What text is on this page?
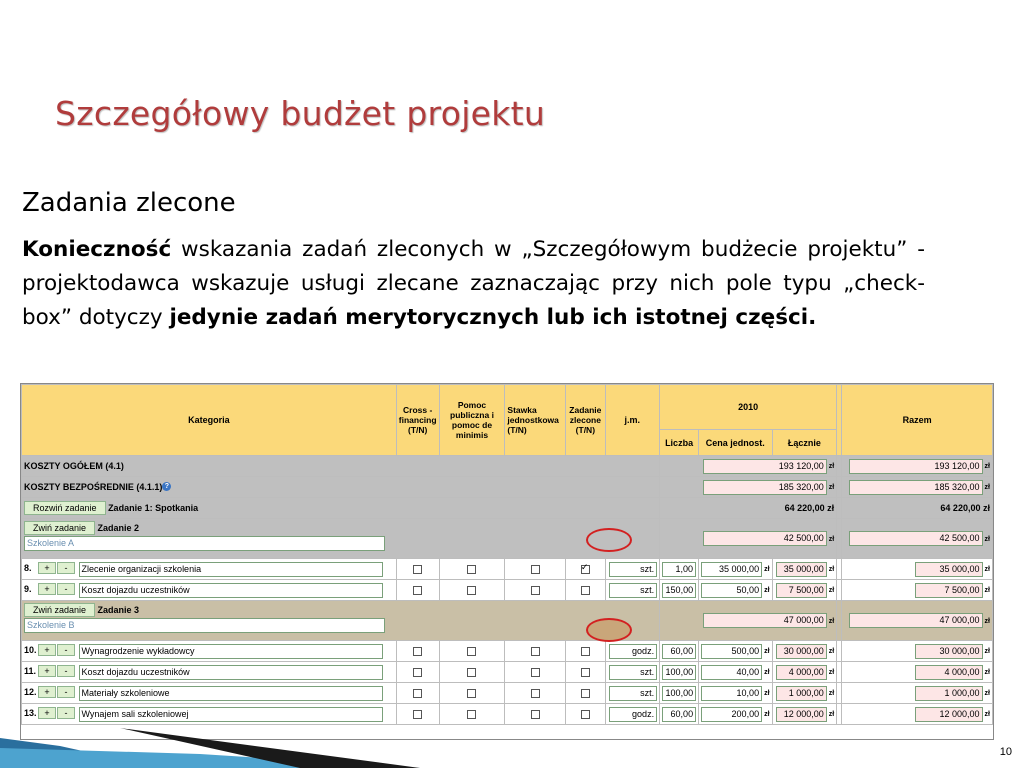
Szczegółowy budżet projektu
Zadania zlecone

Konieczność wskazania zadań zleconych w „Szczegółowym budżecie projektu” - projektodawca wskazuje usługi zlecane zaznaczając przy nich pole typu „check-box” dotyczy jedynie zadań merytorycznych lub ich istotnej części.

Kategoria	Cross - financing (T/N)	Pomoc publiczna i pomoc de minimis	Stawka jednostkowa (T/N)	Zadanie zlecone (T/N)	j.m.	2010				Razem
						Liczba	Cena jednost.	Łącznie		
KOSZTY OGÓŁEM (4.1)						193 120,00 zł				193 120,00 zł
KOSZTY BEZPOŚREDNIE (4.1.1) ?						185 320,00 zł				185 320,00 zł
Rozwiń zadanie Zadanie 1: Spotkania						64 220,00 zł				64 220,00 zł
Zwiń zadanie Zadanie 2
Szkolenie A						42 500,00 zł				42 500,00 zł
8. + - Zlecenie organizacji szkolenia				✓	szt.	1,00	35 000,00 zł	35 000,00 zł		35 000,00 zł
9. + - Koszt dojazdu uczestników					szt.	150,00	50,00 zł	7 500,00 zł		7 500,00 zł
Zwiń zadanie Zadanie 3
Szkolenie B						47 000,00 zł				47 000,00 zł
10. + - Wynagrodzenie wykładowcy					godz.	60,00	500,00 zł	30 000,00 zł		30 000,00 zł
11. + - Koszt dojazdu uczestników					szt.	100,00	40,00 zł	4 000,00 zł		4 000,00 zł
12. + - Materiały szkoleniowe					szt.	100,00	10,00 zł	1 000,00 zł		1 000,00 zł
13. + - Wynajem sali szkoleniowej					godz.	60,00	200,00 zł	12 000,00 zł		12 000,00 zł
10
